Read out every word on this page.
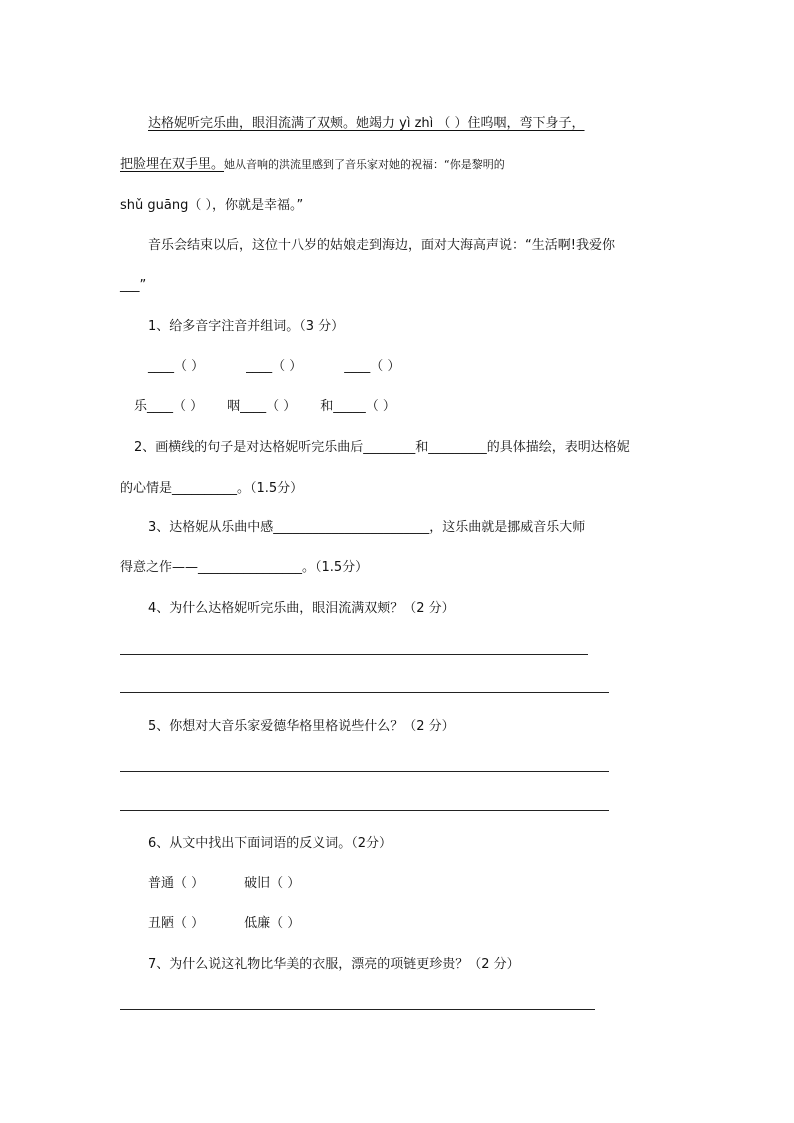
达格妮听完乐曲，眼泪流满了双颊。她竭力 yì zhì （ ）住呜咽，弯下身子，
把脸埋在双手里。她从音响的洪流里感到了音乐家对她的祝福：“你是黎明的
shǔ guāng（ ），你就是幸福。”
音乐会结束以后，这位十八岁的姑娘走到海边，面对大海高声说：“生活啊!我爱你
___”
1、给多音字注音并组词。（3 分）
____（ ）	____（ ）	____（ ）
乐____（ ） 咽____（ ） 和_____（ ）
2、画横线的句子是对达格妮听完乐曲后________和_________的具体描绘，表明达格妮
的心情是__________。（1.5分）
3、达格妮从乐曲中感________________________，这乐曲就是挪威音乐大师
得意之作——________________。（1.5分）
4、为什么达格妮听完乐曲，眼泪流满双颊？（2 分）
5、你想对大音乐家爱德华格里格说些什么？（2 分）
6、从文中找出下面词语的反义词。（2分）
普通（ ）	破旧（ ）
丑陋（ ）	低廉（ ）
7、为什么说这礼物比华美的衣服，漂亮的项链更珍贵？（2 分）
